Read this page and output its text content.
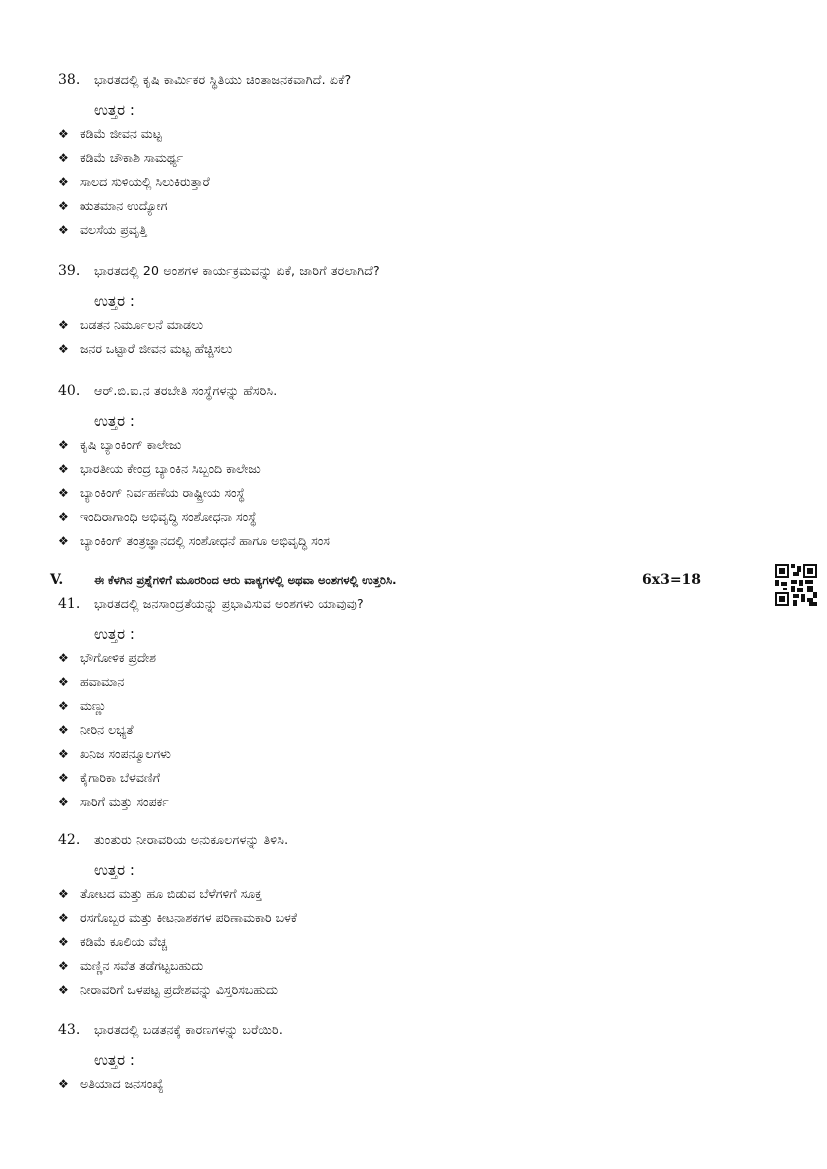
38.	ಭಾರತದಲ್ಲಿ ಕೃಷಿ ಕಾರ್ಮಿಕರ ಸ್ಥಿತಿಯು ಚಿಂತಾಜನಕವಾಗಿದೆ. ಏಕೆ?
ಉತ್ತರ :
❖ ಕಡಿಮೆ ಜೀವನ ಮಟ್ಟ
❖ ಕಡಿಮೆ ಚೌಕಾಶಿ ಸಾಮರ್ಥ್ಯ
❖ ಸಾಲದ ಸುಳಿಯಲ್ಲಿ ಸಿಲುಕಿರುತ್ತಾರೆ
❖ ಋತಮಾನ ಉದ್ಯೋಗ
❖ ವಲಸೆಯ ಪ್ರವೃತ್ತಿ
39.	ಭಾರತದಲ್ಲಿ 20 ಅಂಶಗಳ ಕಾರ್ಯಕ್ರಮವನ್ನು ಏಕೆ, ಜಾರಿಗೆ ತರಲಾಗಿದೆ?
ಉತ್ತರ :
❖ ಬಡತನ ನಿರ್ಮೂಲನೆ ಮಾಡಲು
❖ ಜನರ ಒಟ್ಟಾರೆ ಜೀವನ ಮಟ್ಟ ಹೆಚ್ಚಿಸಲು
40.	ಆರ್.ಬಿ.ಐ.ನ ತರಬೇತಿ ಸಂಸ್ಥೆಗಳನ್ನು ಹೆಸರಿಸಿ.
ಉತ್ತರ :
❖ ಕೃಷಿ ಬ್ಯಾಂಕಿಂಗ್ ಕಾಲೇಜು
❖ ಭಾರತೀಯ ಕೇಂದ್ರ ಬ್ಯಾಂಕಿನ ಸಿಬ್ಬಂದಿ ಕಾಲೇಜು
❖ ಬ್ಯಾಂಕಿಂಗ್ ನಿರ್ವಹಣೆಯ ರಾಷ್ಟ್ರೀಯ ಸಂಸ್ಥೆ
❖ ಇಂದಿರಾಗಾಂಧಿ ಅಭಿವೃದ್ಧಿ ಸಂಶೋಧನಾ ಸಂಸ್ಥೆ
❖ ಬ್ಯಾಂಕಿಂಗ್ ತಂತ್ರಜ್ಞಾನದಲ್ಲಿ ಸಂಶೋಧನೆ ಹಾಗೂ ಅಭಿವೃದ್ಧಿ ಸಂಸ
V.	ಈ ಕೆಳಗಿನ ಪ್ರಶ್ನೆಗಳಿಗೆ ಮೂರರಿಂದ ಆರು ವಾಕ್ಯಗಳಲ್ಲಿ ಅಥವಾ ಅಂಶಗಳಲ್ಲಿ ಉತ್ತರಿಸಿ.	6x3=18
41.	ಭಾರತದಲ್ಲಿ ಜನಸಾಂದ್ರತೆಯನ್ನು ಪ್ರಭಾವಿಸುವ ಅಂಶಗಳು ಯಾವುವು?
ಉತ್ತರ :
❖ ಭೌಗೋಳಿಕ ಪ್ರದೇಶ
❖ ಹವಾಮಾನ
❖ ಮಣ್ಣು
❖ ನೀರಿನ ಲಭ್ಯತೆ
❖ ಖನಿಜ ಸಂಪನ್ಮೂಲಗಳು
❖ ಕೈಗಾರಿಕಾ ಬೆಳವಣಿಗೆ
❖ ಸಾರಿಗೆ ಮತ್ತು ಸಂಪರ್ಕ
42.	ತುಂತುರು ನೀರಾವರಿಯ ಅನುಕೂಲಗಳನ್ನು ತಿಳಿಸಿ.
ಉತ್ತರ :
❖ ತೋಟದ ಮತ್ತು ಹೂ ಬಿಡುವ ಬೆಳೆಗಳಿಗೆ ಸೂಕ್ತ
❖ ರಸಗೊಬ್ಬರ ಮತ್ತು ಕೀಟನಾಶಕಗಳ ಪರಿಣಾಮಕಾರಿ ಬಳಕೆ
❖ ಕಡಿಮೆ ಕೂಲಿಯ ವೆಚ್ಚ
❖ ಮಣ್ಣಿನ ಸವೆತ ತಡೆಗಟ್ಟಬಹುದು
❖ ನೀರಾವರಿಗೆ ಒಳಪಟ್ಟ ಪ್ರದೇಶವನ್ನು ವಿಸ್ತರಿಸಬಹುದು
43.	ಭಾರತದಲ್ಲಿ ಬಡತನಕ್ಕೆ ಕಾರಣಗಳನ್ನು ಬರೆಯಿರಿ.
ಉತ್ತರ :
❖ ಅತಿಯಾದ ಜನಸಂಖ್ಯೆ
